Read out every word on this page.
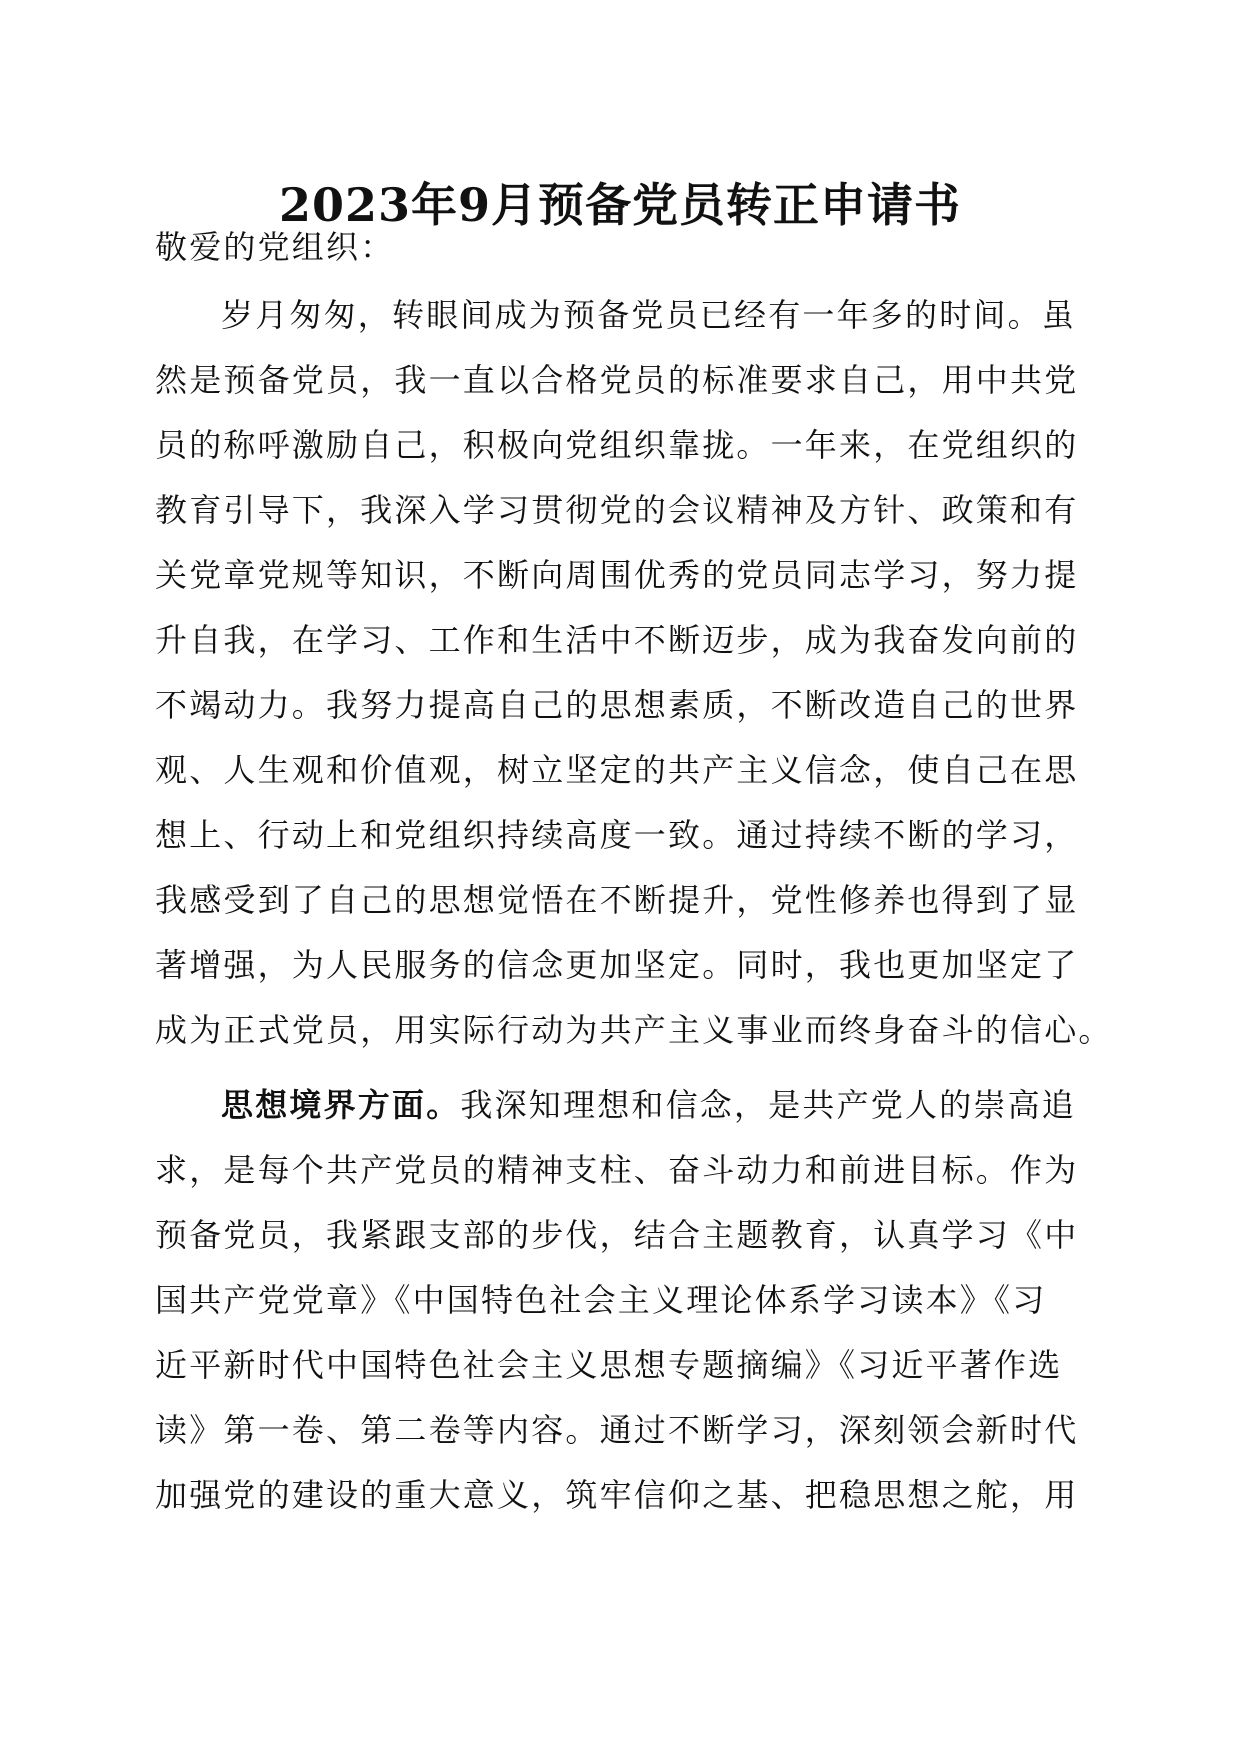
2023年9月预备党员转正申请书
敬爱的党组织：
岁月匆匆，转眼间成为预备党员已经有一年多的时间。虽
然是预备党员，我一直以合格党员的标准要求自己，用中共党
员的称呼激励自己，积极向党组织靠拢。一年来，在党组织的
教育引导下，我深入学习贯彻党的会议精神及方针、政策和有
关党章党规等知识，不断向周围优秀的党员同志学习，努力提
升自我，在学习、工作和生活中不断迈步，成为我奋发向前的
不竭动力。我努力提高自己的思想素质，不断改造自己的世界
观、人生观和价值观，树立坚定的共产主义信念，使自己在思
想上、行动上和党组织持续高度一致。通过持续不断的学习，
我感受到了自己的思想觉悟在不断提升，党性修养也得到了显
著增强，为人民服务的信念更加坚定。同时，我也更加坚定了
成为正式党员，用实际行动为共产主义事业而终身奋斗的信心。
思想境界方面。我深知理想和信念，是共产党人的崇高追
求，是每个共产党员的精神支柱、奋斗动力和前进目标。作为
预备党员，我紧跟支部的步伐，结合主题教育，认真学习《中
国共产党党章》《中国特色社会主义理论体系学习读本》《习
近平新时代中国特色社会主义思想专题摘编》《习近平著作选
读》第一卷、第二卷等内容。通过不断学习，深刻领会新时代
加强党的建设的重大意义，筑牢信仰之基、把稳思想之舵，用
